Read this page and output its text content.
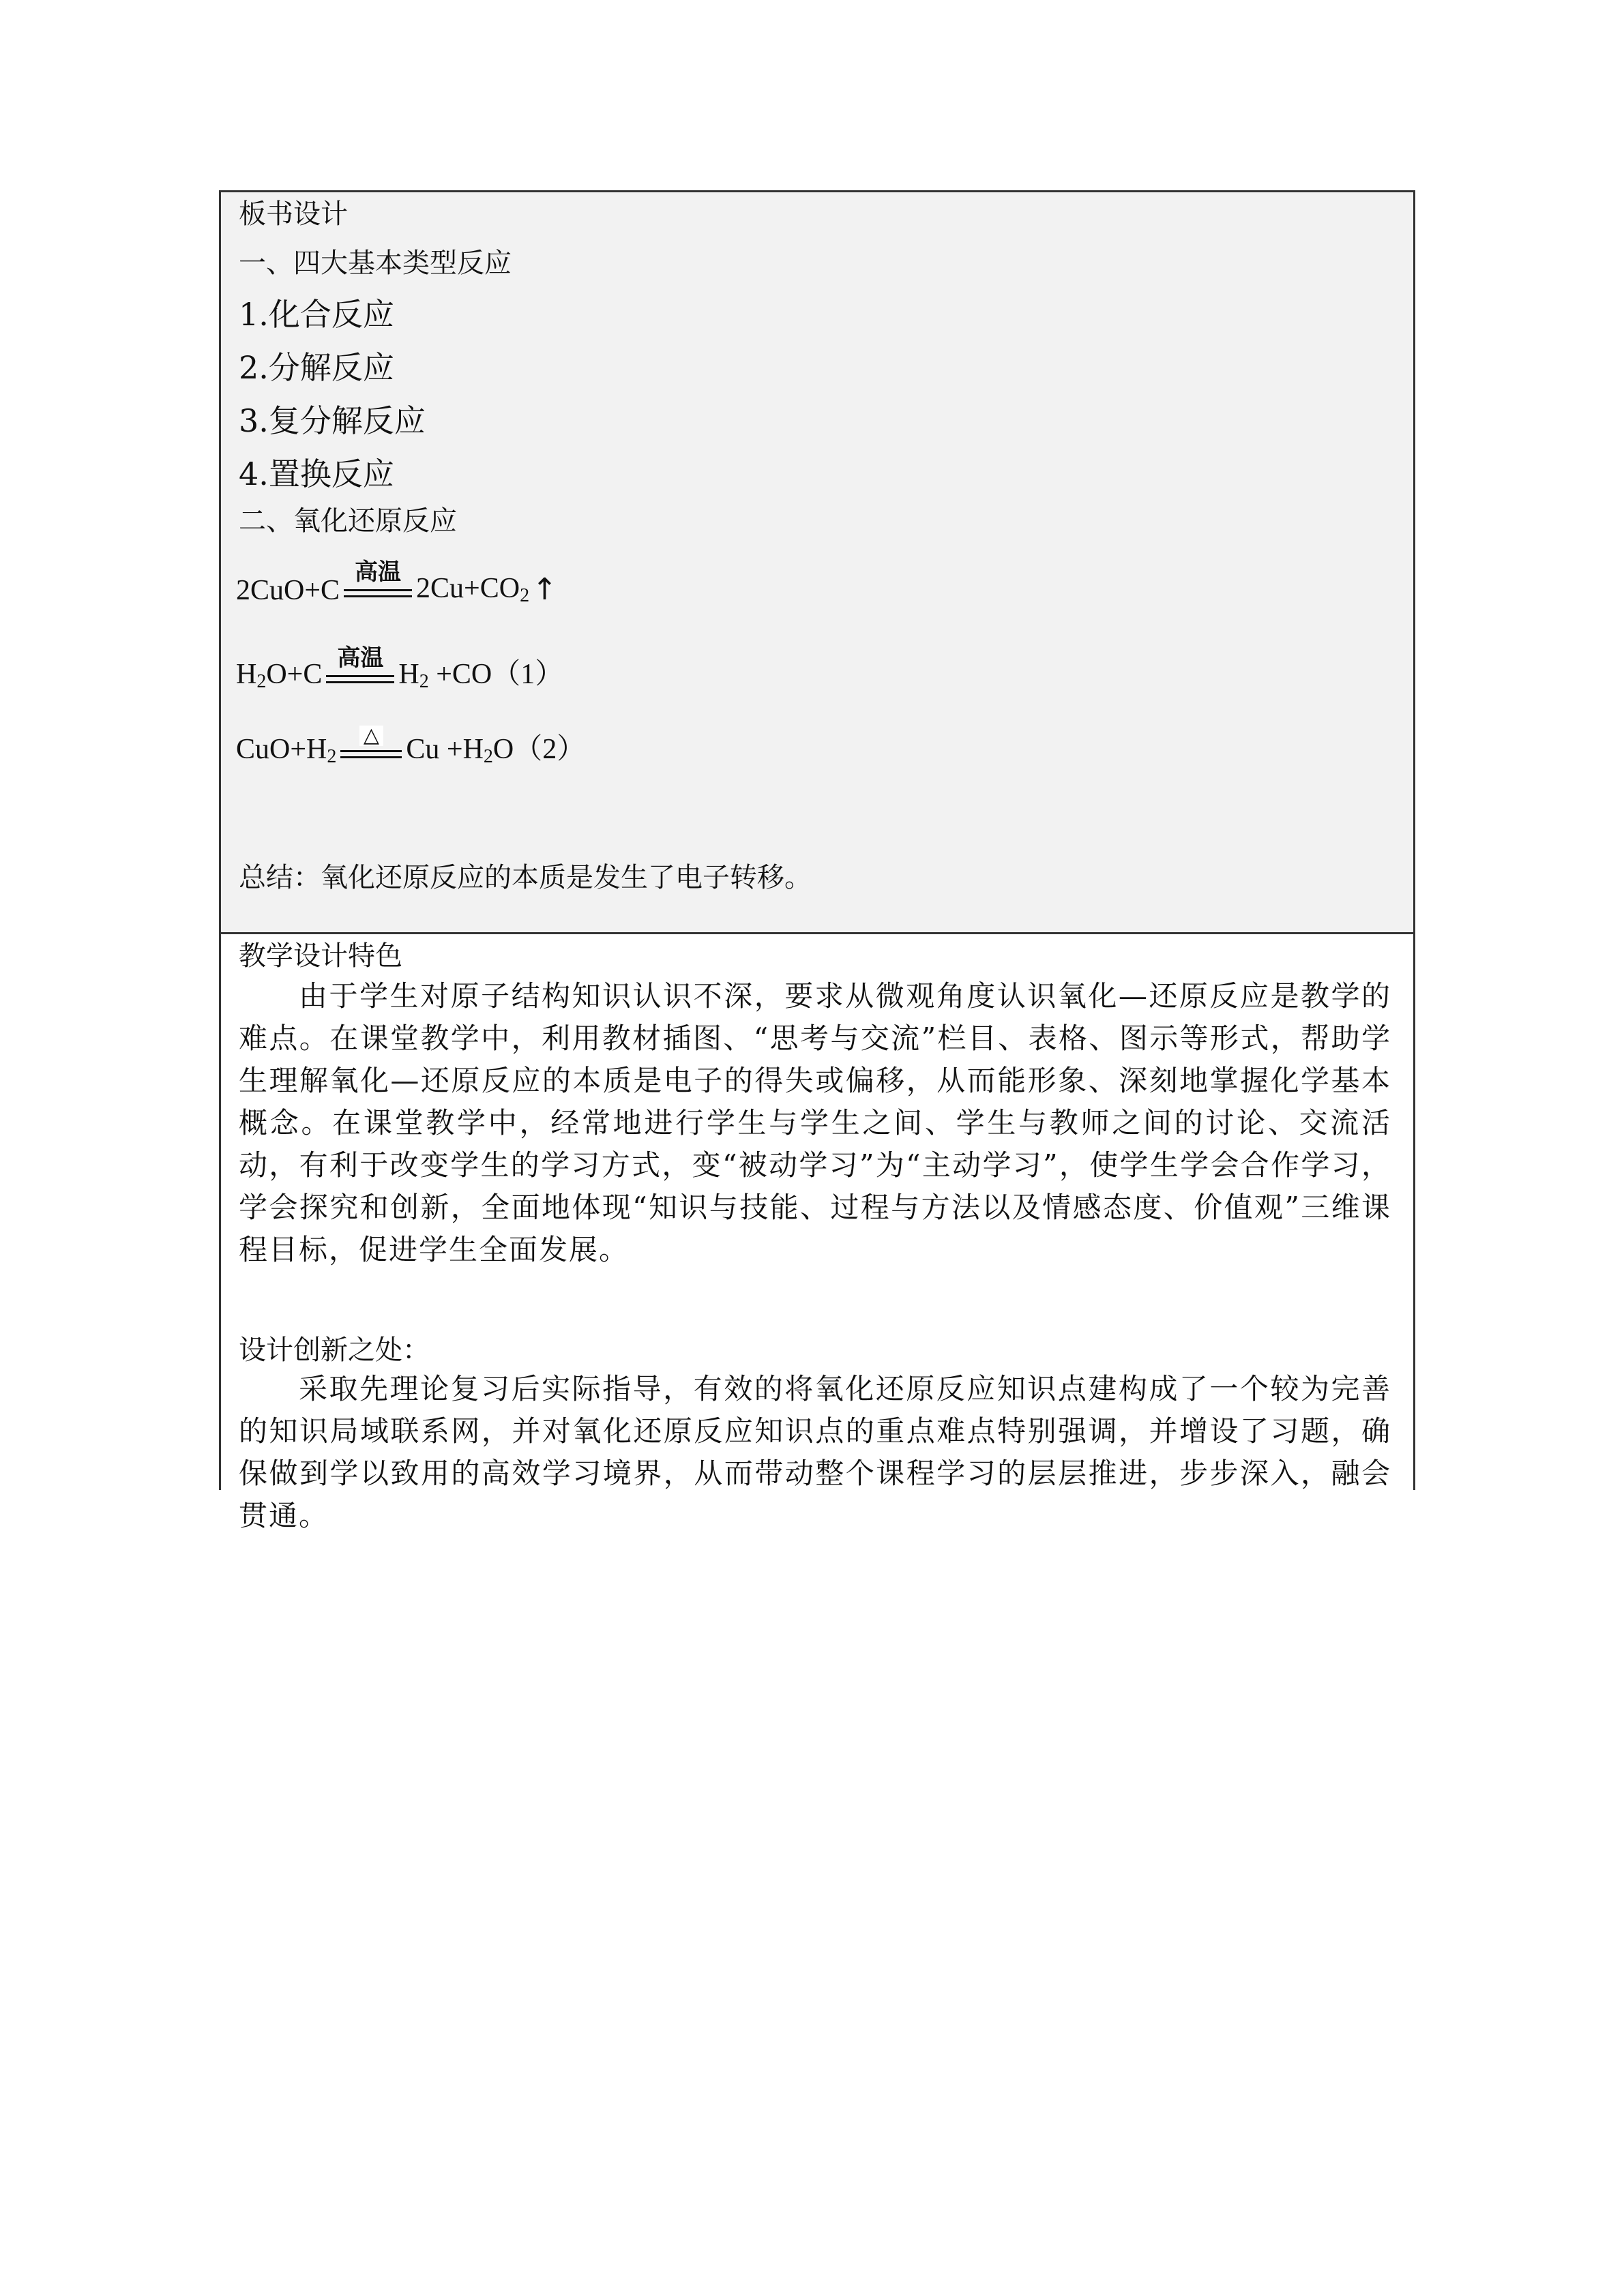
板书设计
一、四大基本类型反应
1.化合反应
2.分解反应
3.复分解反应
4.置换反应
二、氧化还原反应
2CuO+C
高温
$2Cu+CO_2$ ↑
$H_2O+C$
高温
$H_2 +CO(1)$
$CuO+H_2$
△ $Cu +H_2O(2)$
总结：氧化还原反应的本质是发生了电子转移。
教学设计特色
由于学生对原子结构知识认识不深，要求从微观角度认识氧化—还原反应是教学的难点。在课堂教学中，利用教材插图、“思考与交流”栏目、表格、图示等形式，帮助学生理解氧化—还原反应的本质是电子的得失或偏移，从而能形象、深刻地掌握化学基本概念。在课堂教学中，经常地进行学生与学生之间、学生与教师之间的讨论、交流活动，有利于改变学生的学习方式，变“被动学习”为“主动学习”，使学生学会合作学习，学会探究和创新，全面地体现“知识与技能、过程与方法以及情感态度、价值观”三维课程目标，促进学生全面发展。
设计创新之处：
采取先理论复习后实际指导，有效的将氧化还原反应知识点建构成了一个较为完善的知识局域联系网，并对氧化还原反应知识点的重点难点特别强调，并增设了习题，确保做到学以致用的高效学习境界，从而带动整个课程学习的层层推进，步步深入，融会贯通。
